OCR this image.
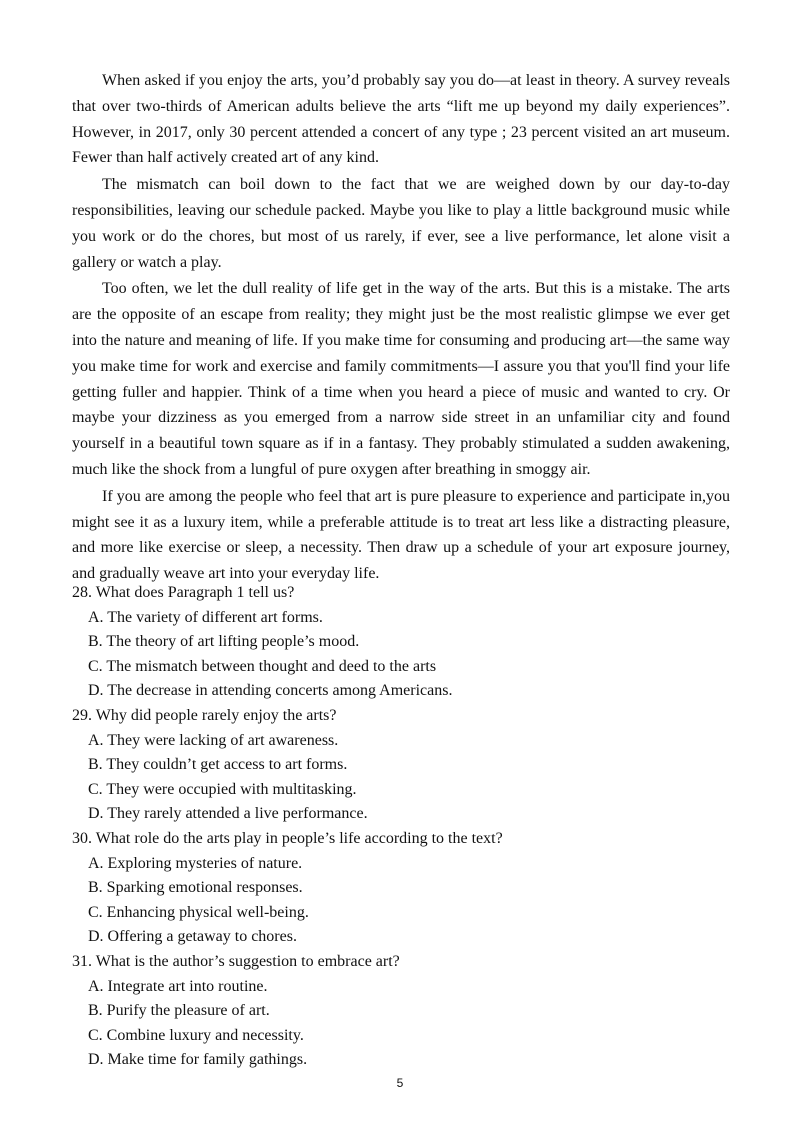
When asked if you enjoy the arts, you’d probably say you do—at least in theory. A survey reveals that over two-thirds of American adults believe the arts “lift me up beyond my daily experiences”. However, in 2017, only 30 percent attended a concert of any type ; 23 percent visited an art museum. Fewer than half actively created art of any kind.

The mismatch can boil down to the fact that we are weighed down by our day-to-day responsibilities, leaving our schedule packed. Maybe you like to play a little background music while you work or do the chores, but most of us rarely, if ever, see a live performance, let alone visit a gallery or watch a play.

Too often, we let the dull reality of life get in the way of the arts. But this is a mistake. The arts are the opposite of an escape from reality; they might just be the most realistic glimpse we ever get into the nature and meaning of life. If you make time for consuming and producing art—the same way you make time for work and exercise and family commitments—I assure you that you'll find your life getting fuller and happier. Think of a time when you heard a piece of music and wanted to cry. Or maybe your dizziness as you emerged from a narrow side street in an unfamiliar city and found yourself in a beautiful town square as if in a fantasy. They probably stimulated a sudden awakening, much like the shock from a lungful of pure oxygen after breathing in smoggy air.

If you are among the people who feel that art is pure pleasure to experience and participate in,you might see it as a luxury item, while a preferable attitude is to treat art less like a distracting pleasure, and more like exercise or sleep, a necessity. Then draw up a schedule of your art exposure journey, and gradually weave art into your everyday life.

28. What does Paragraph 1 tell us?
A. The variety of different art forms.
B. The theory of art lifting people’s mood.
C. The mismatch between thought and deed to the arts
D. The decrease in attending concerts among Americans.
29. Why did people rarely enjoy the arts?
A. They were lacking of art awareness.
B. They couldn’t get access to art forms.
C. They were occupied with multitasking.
D. They rarely attended a live performance.
30. What role do the arts play in people’s life according to the text?
A. Exploring mysteries of nature.
B. Sparking emotional responses.
C. Enhancing physical well-being.
D. Offering a getaway to chores.
31. What is the author’s suggestion to embrace art?
A. Integrate art into routine.
B. Purify the pleasure of art.
C. Combine luxury and necessity.
D. Make time for family gathings.
5
